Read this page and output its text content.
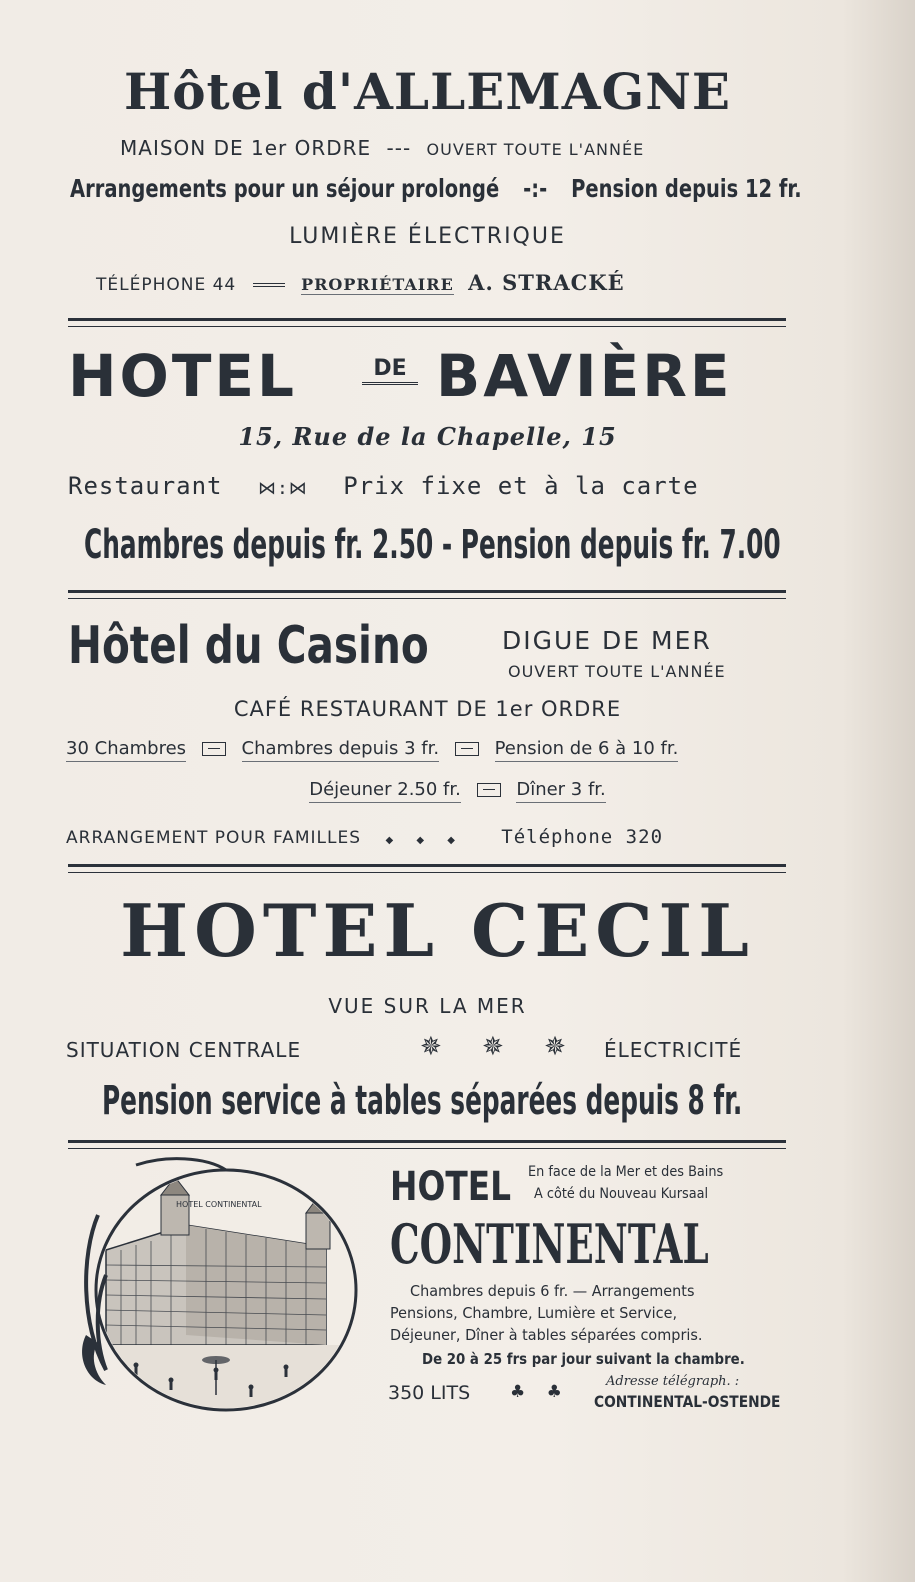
Hôtel d'ALLEMAGNE
MAISON DE 1er ORDRE --- OUVERT TOUTE L'ANNÉE
Arrangements pour un séjour prolongé -:- Pension depuis 12 fr.
LUMIÈRE ÉLECTRIQUE
TÉLÉPHONE 44	PROPRIÉTAIRE A. STRACKÉ
HOTEL	DE BAVIÈRE
15, Rue de la Chapelle, 15
Restaurant ⋈:⋈ Prix fixe et à la carte
Chambres depuis fr. 2.50 - Pension depuis fr. 7.00
Hôtel du Casino	DIGUE DE MER
OUVERT TOUTE L'ANNÉE
CAFÉ RESTAURANT DE 1er ORDRE
30 Chambres	Chambres depuis 3 fr.	Pension de 6 à 10 fr.
Déjeuner 2.50 fr.	Dîner 3 fr.
ARRANGEMENT POUR FAMILLES ◆ ◆ ◆ Téléphone 320
HOTEL CECIL
VUE SUR LA MER
SITUATION CENTRALE	✵ ✵ ✵ ÉLECTRICITÉ
Pension service à tables séparées depuis 8 fr.
HOTEL CONTINENTAL	HOTEL En face de la Mer et des Bains
A côté du Nouveau Kursaal
CONTINENTAL
Chambres depuis 6 fr. — Arrangements
Pensions, Chambre, Lumière et Service,
Déjeuner, Dîner à tables séparées compris.
De 20 à 25 frs par jour suivant la chambre.
350 LITS ♣ ♣
Adresse télégraph. :
CONTINENTAL-OSTENDE
